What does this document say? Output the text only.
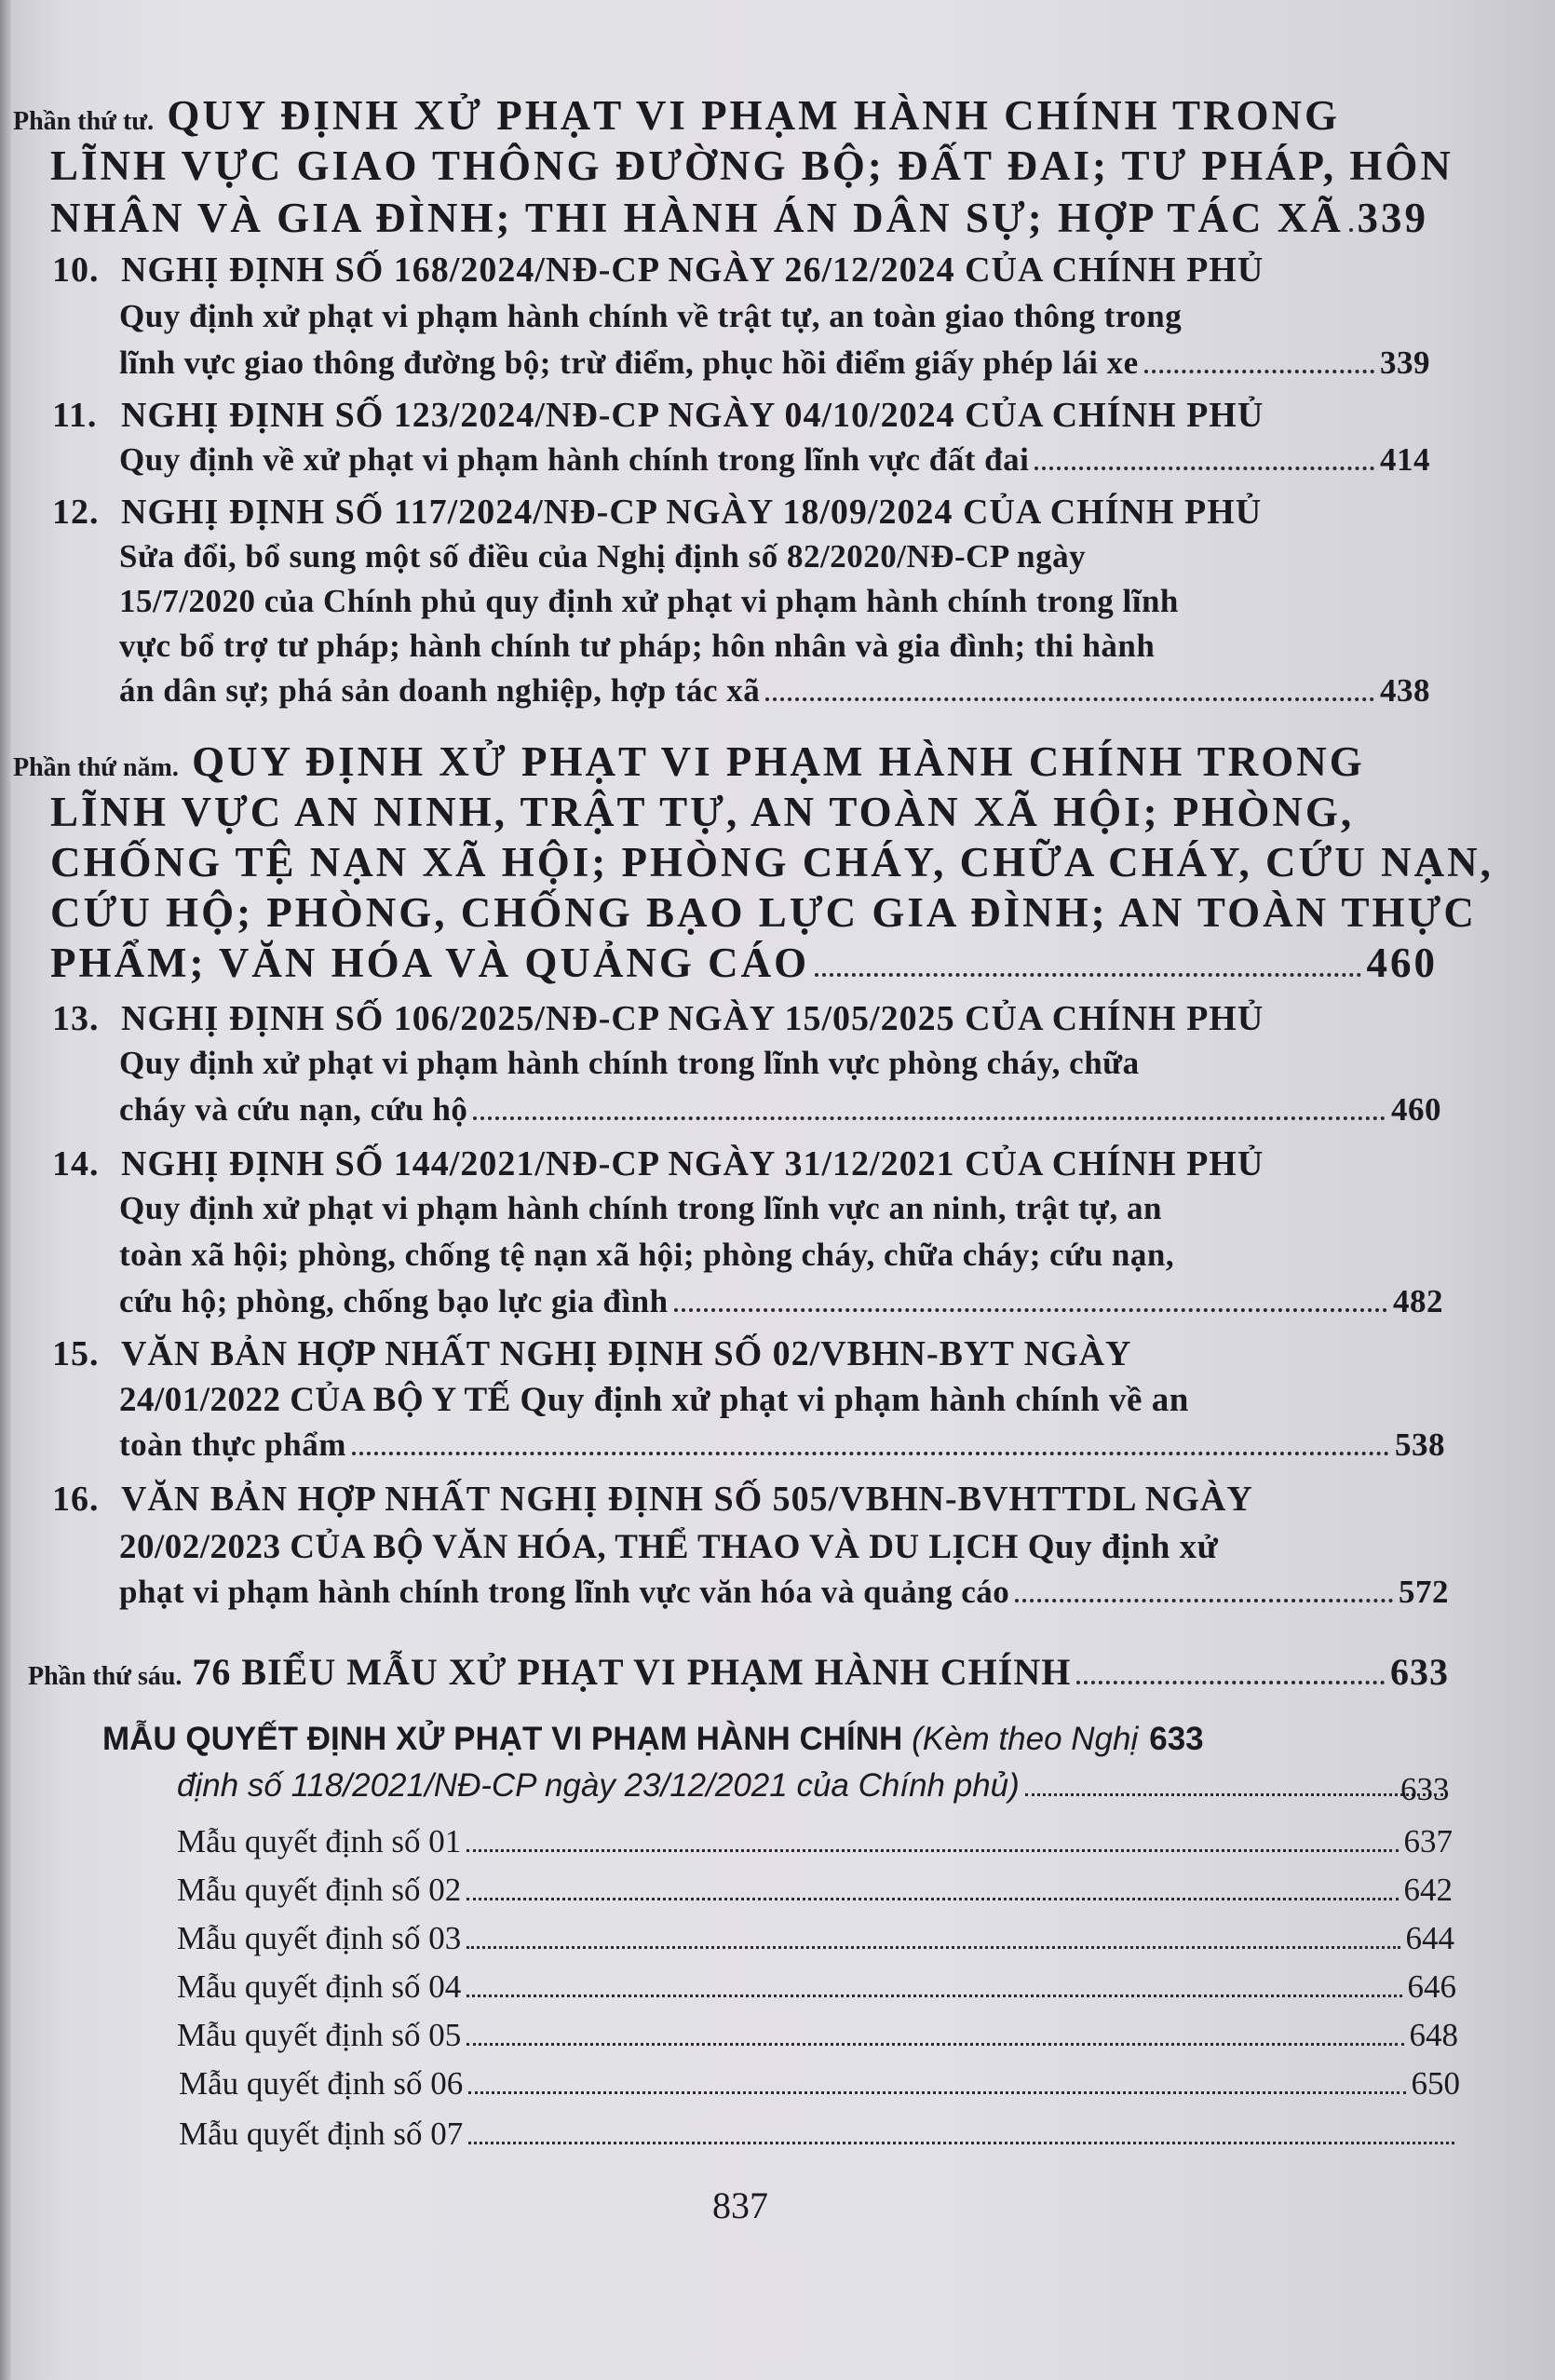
Phần thứ tư. QUY ĐỊNH XỬ PHẠT VI PHẠM HÀNH CHÍNH TRONG
LĨNH VỰC GIAO THÔNG ĐƯỜNG BỘ; ĐẤT ĐAI; TƯ PHÁP, HÔN
NHÂN VÀ GIA ĐÌNH; THI HÀNH ÁN DÂN SỰ; HỢP TÁC XÃ 339
10. NGHỊ ĐỊNH SỐ 168/2024/NĐ-CP NGÀY 26/12/2024 CỦA CHÍNH PHỦ
Quy định xử phạt vi phạm hành chính về trật tự, an toàn giao thông trong
lĩnh vực giao thông đường bộ; trừ điểm, phục hồi điểm giấy phép lái xe	339
11. NGHỊ ĐỊNH SỐ 123/2024/NĐ-CP NGÀY 04/10/2024 CỦA CHÍNH PHỦ
Quy định về xử phạt vi phạm hành chính trong lĩnh vực đất đai	414
12. NGHỊ ĐỊNH SỐ 117/2024/NĐ-CP NGÀY 18/09/2024 CỦA CHÍNH PHỦ
Sửa đổi, bổ sung một số điều của Nghị định số 82/2020/NĐ-CP ngày
15/7/2020 của Chính phủ quy định xử phạt vi phạm hành chính trong lĩnh
vực bổ trợ tư pháp; hành chính tư pháp; hôn nhân và gia đình; thi hành
án dân sự; phá sản doanh nghiệp, hợp tác xã	438
Phần thứ năm. QUY ĐỊNH XỬ PHẠT VI PHẠM HÀNH CHÍNH TRONG
LĨNH VỰC AN NINH, TRẬT TỰ, AN TOÀN XÃ HỘI; PHÒNG,
CHỐNG TỆ NẠN XÃ HỘI; PHÒNG CHÁY, CHỮA CHÁY, CỨU NẠN,
CỨU HỘ; PHÒNG, CHỐNG BẠO LỰC GIA ĐÌNH; AN TOÀN THỰC
PHẨM; VĂN HÓA VÀ QUẢNG CÁO	460
13. NGHỊ ĐỊNH SỐ 106/2025/NĐ-CP NGÀY 15/05/2025 CỦA CHÍNH PHỦ
Quy định xử phạt vi phạm hành chính trong lĩnh vực phòng cháy, chữa
cháy và cứu nạn, cứu hộ	460
14. NGHỊ ĐỊNH SỐ 144/2021/NĐ-CP NGÀY 31/12/2021 CỦA CHÍNH PHỦ
Quy định xử phạt vi phạm hành chính trong lĩnh vực an ninh, trật tự, an
toàn xã hội; phòng, chống tệ nạn xã hội; phòng cháy, chữa cháy; cứu nạn,
cứu hộ; phòng, chống bạo lực gia đình	482
15. VĂN BẢN HỢP NHẤT NGHỊ ĐỊNH SỐ 02/VBHN-BYT NGÀY
24/01/2022 CỦA BỘ Y TẾ Quy định xử phạt vi phạm hành chính về an
toàn thực phẩm	538
16. VĂN BẢN HỢP NHẤT NGHỊ ĐỊNH SỐ 505/VBHN-BVHTTDL NGÀY
20/02/2023 CỦA BỘ VĂN HÓA, THỂ THAO VÀ DU LỊCH Quy định xử
phạt vi phạm hành chính trong lĩnh vực văn hóa và quảng cáo	572
Phần thứ sáu.
76 BIỂU MẪU XỬ PHẠT VI PHẠM HÀNH CHÍNH	633
MẪU QUYẾT ĐỊNH XỬ PHẠT VI PHẠM HÀNH CHÍNH
(Kèm theo Nghị 633
định số 118/2021/NĐ-CP ngày 23/12/2021 của Chính phủ)	633
Mẫu quyết định số 01	637
Mẫu quyết định số 02	642
Mẫu quyết định số 03	644
Mẫu quyết định số 04	646
Mẫu quyết định số 05	648
Mẫu quyết định số 06	650
Mẫu quyết định số 07
837
